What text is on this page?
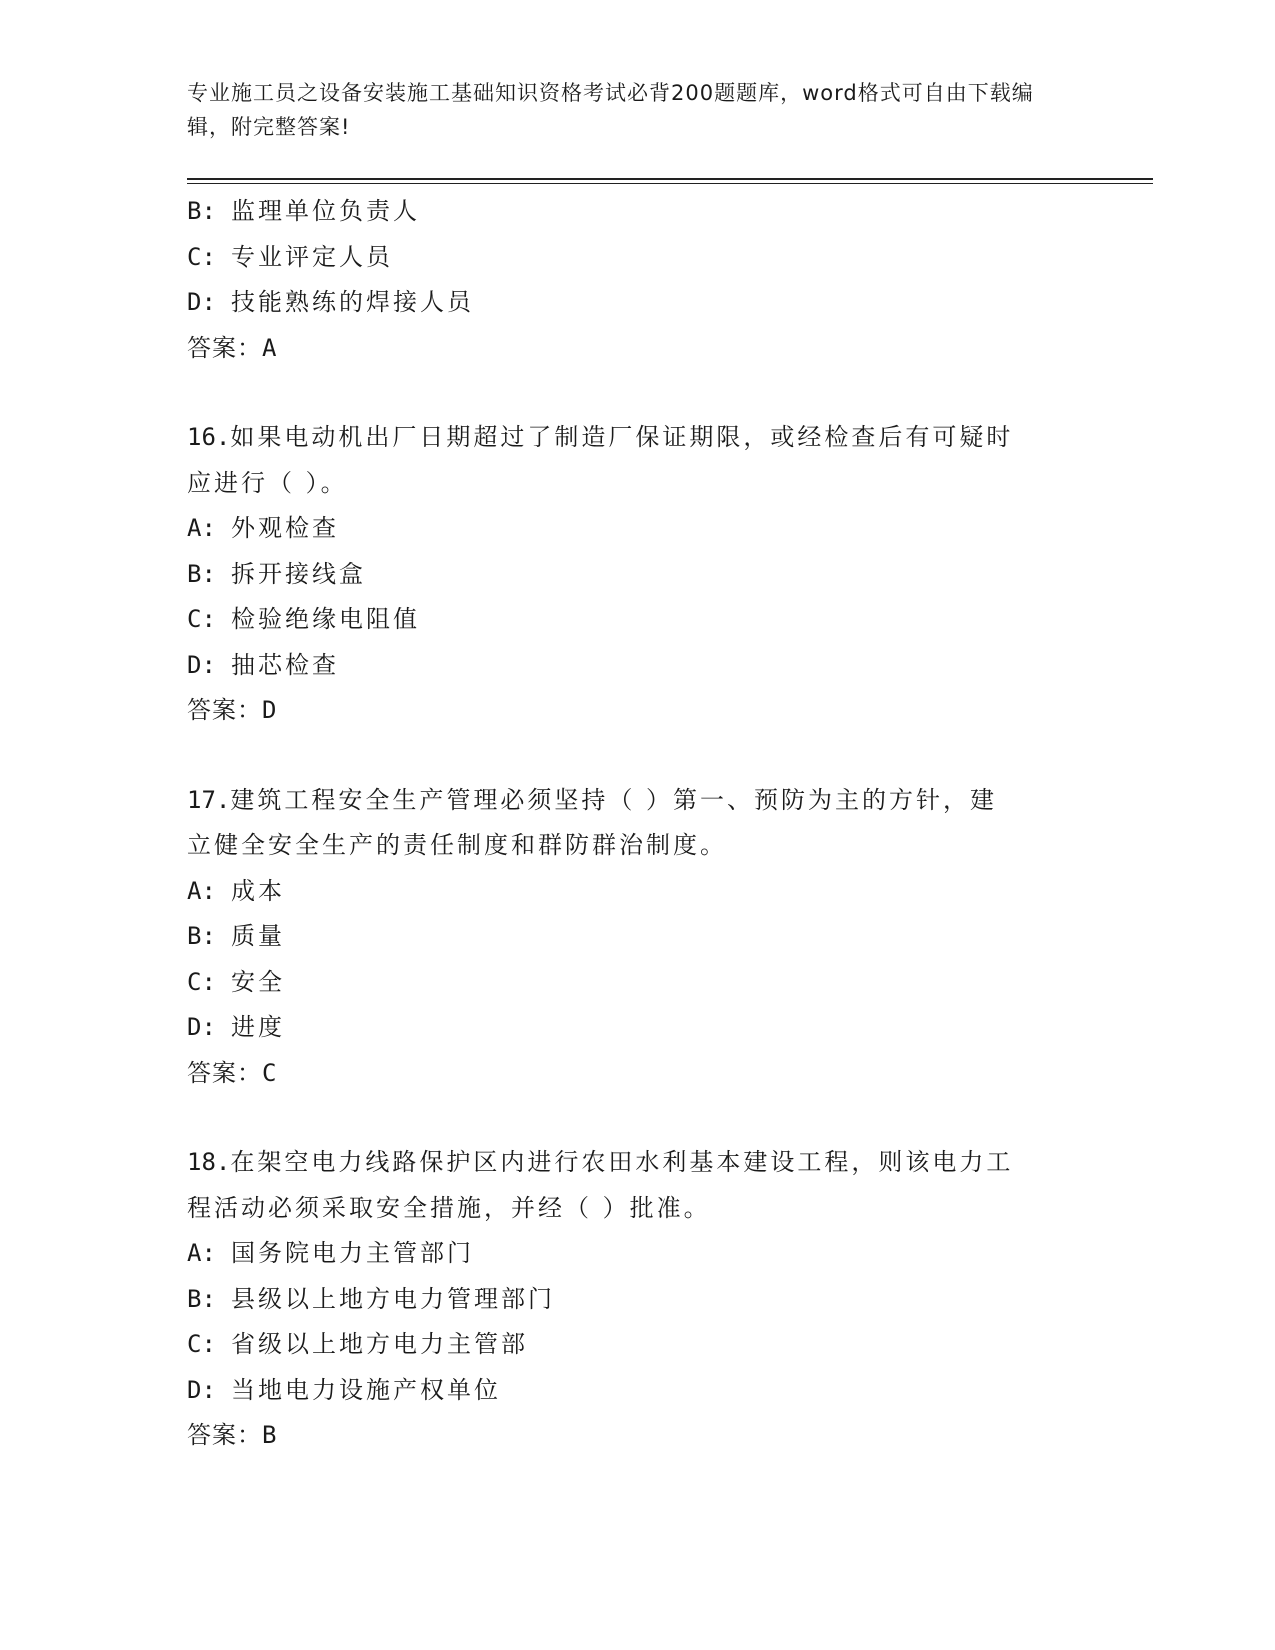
专业施工员之设备安装施工基础知识资格考试必背200题题库，word格式可自由下载编辑，附完整答案!
B: 监理单位负责人
C: 专业评定人员
D: 技能熟练的焊接人员
答案：A
16.如果电动机出厂日期超过了制造厂保证期限，或经检查后有可疑时
应进行（ ）。
A: 外观检查
B: 拆开接线盒
C: 检验绝缘电阻值
D: 抽芯检查
答案：D
17.建筑工程安全生产管理必须坚持（ ）第一、预防为主的方针，建
立健全安全生产的责任制度和群防群治制度。
A: 成本
B: 质量
C: 安全
D: 进度
答案：C
18.在架空电力线路保护区内进行农田水利基本建设工程，则该电力工
程活动必须采取安全措施，并经（ ）批准。
A: 国务院电力主管部门
B: 县级以上地方电力管理部门
C: 省级以上地方电力主管部
D: 当地电力设施产权单位
答案：B
